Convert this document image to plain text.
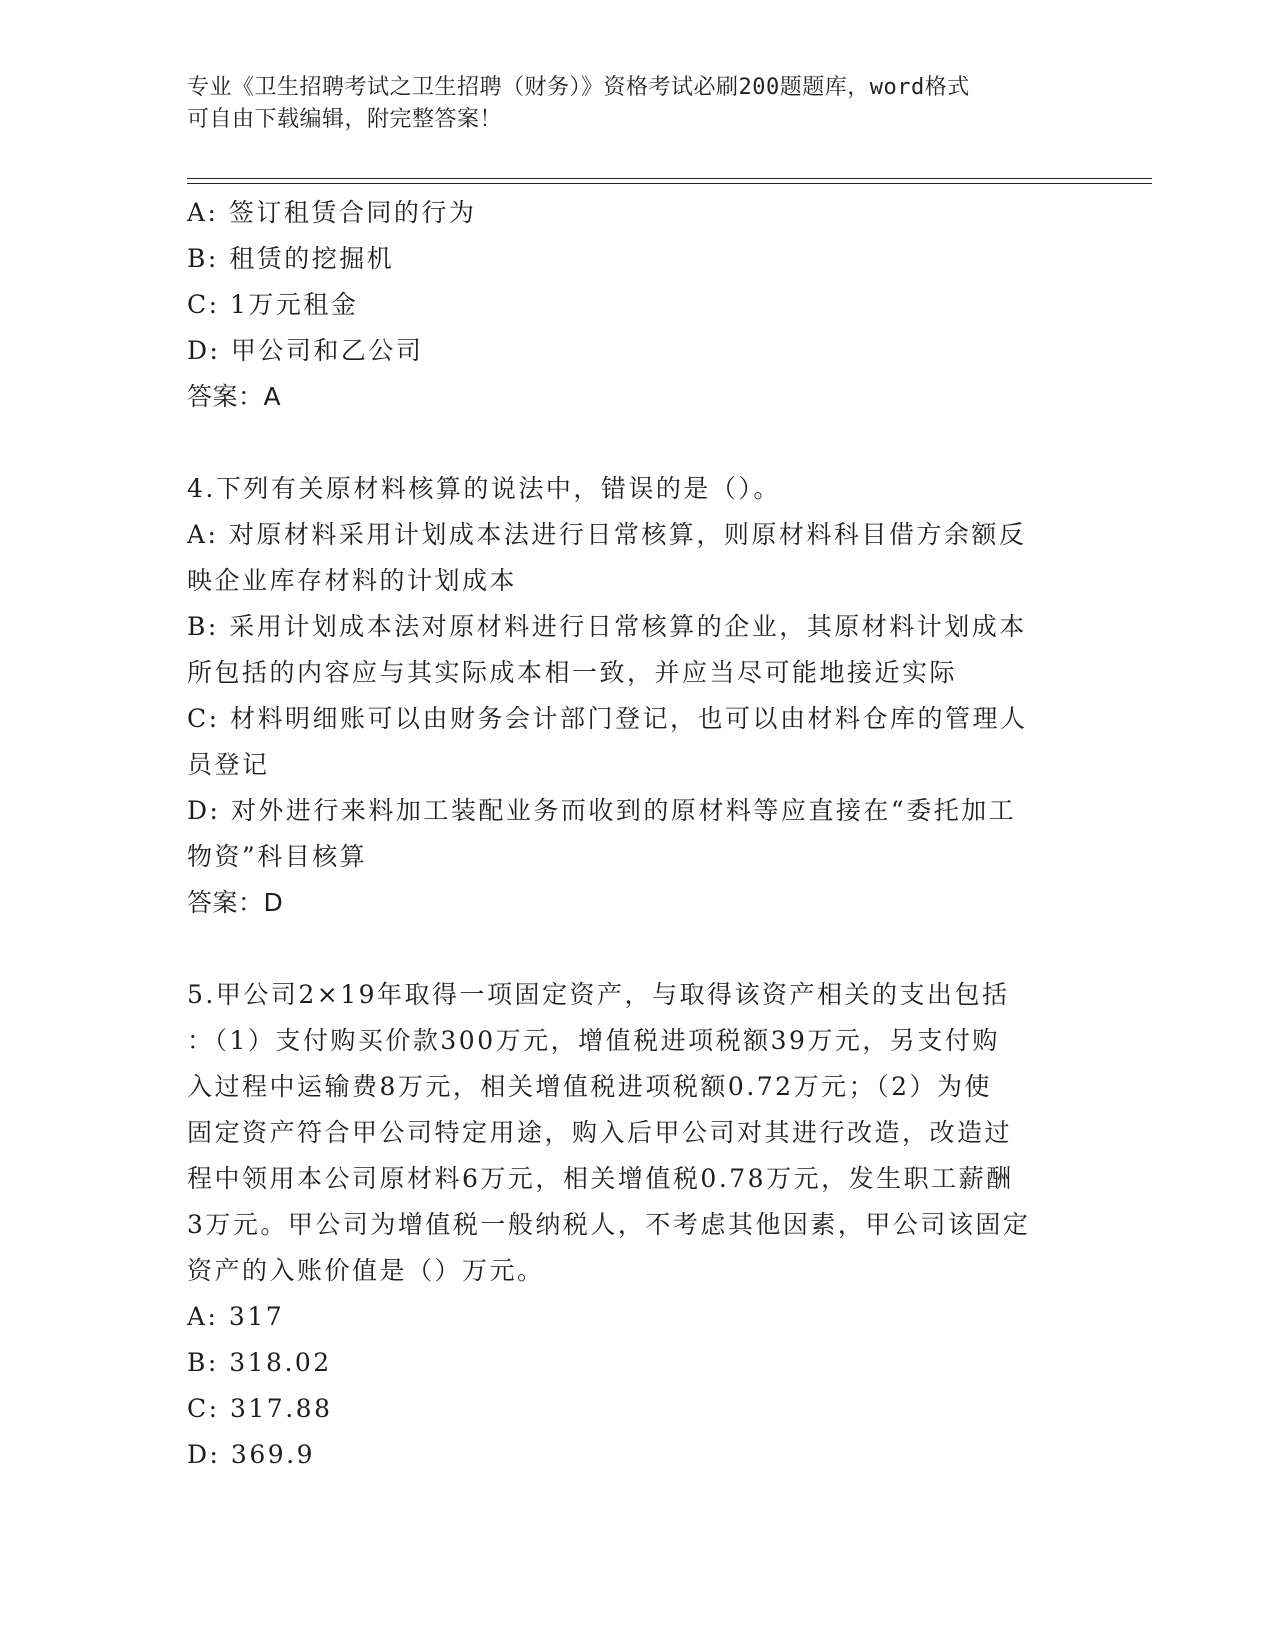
专业《卫生招聘考试之卫生招聘（财务）》资格考试必刷200题题库，word格式
可自由下载编辑，附完整答案！
A: 签订租赁合同的行为
B: 租赁的挖掘机
C: 1万元租金
D: 甲公司和乙公司
答案：A
4.下列有关原材料核算的说法中，错误的是（）。
A: 对原材料采用计划成本法进行日常核算，则原材料科目借方余额反
映企业库存材料的计划成本
B: 采用计划成本法对原材料进行日常核算的企业，其原材料计划成本
所包括的内容应与其实际成本相一致，并应当尽可能地接近实际
C: 材料明细账可以由财务会计部门登记，也可以由材料仓库的管理人
员登记
D: 对外进行来料加工装配业务而收到的原材料等应直接在“委托加工
物资”科目核算
答案：D
5.甲公司2×19年取得一项固定资产，与取得该资产相关的支出包括
：（1）支付购买价款300万元，增值税进项税额39万元，另支付购
入过程中运输费8万元，相关增值税进项税额0.72万元；（2）为使
固定资产符合甲公司特定用途，购入后甲公司对其进行改造，改造过
程中领用本公司原材料6万元，相关增值税0.78万元，发生职工薪酬
3万元。甲公司为增值税一般纳税人，不考虑其他因素，甲公司该固定
资产的入账价值是（）万元。
A: 317
B: 318.02
C: 317.88
D: 369.9
